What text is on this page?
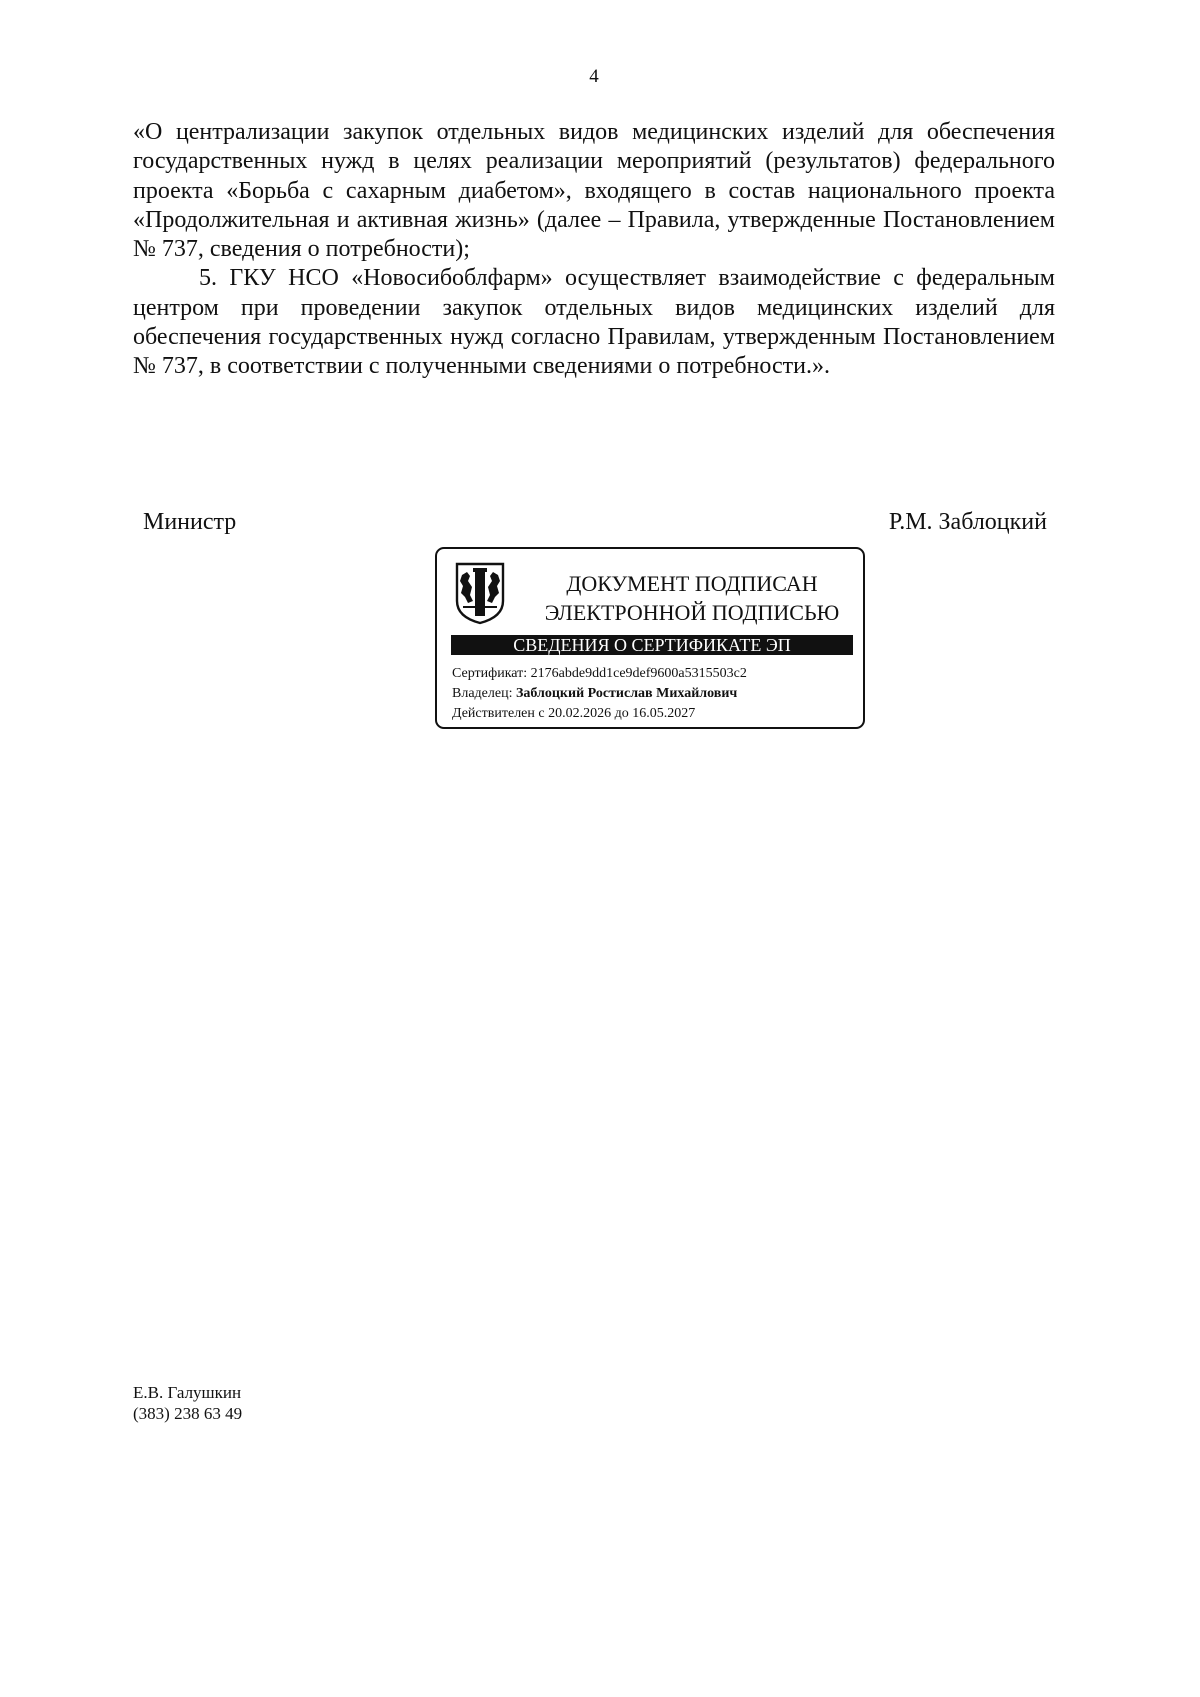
4

«О централизации закупок отдельных видов медицинских изделий для обеспечения государственных нужд в целях реализации мероприятий (результатов) федерального проекта «Борьба с сахарным диабетом», входящего в состав национального проекта «Продолжительная и активная жизнь» (далее – Правила, утвержденные Постановлением № 737, сведения о потребности);

5. ГКУ НСО «Новосибоблфарм» осуществляет взаимодействие с федеральным центром при проведении закупок отдельных видов медицинских изделий для обеспечения государственных нужд согласно Правилам, утвержденным Постановлением № 737, в соответствии с полученными сведениями о потребности.».

Министр	Р.М. Заблоцкий
ДОКУМЕНТ ПОДПИСАН
ЭЛЕКТРОННОЙ ПОДПИСЬЮ
СВЕДЕНИЯ О СЕРТИФИКАТЕ ЭП
Сертификат: 2176abde9dd1ce9def9600a5315503c2
Владелец: Заблоцкий Ростислав Михайлович
Действителен с 20.02.2026 до 16.05.2027
Е.В. Галушкин
(383) 238 63 49
